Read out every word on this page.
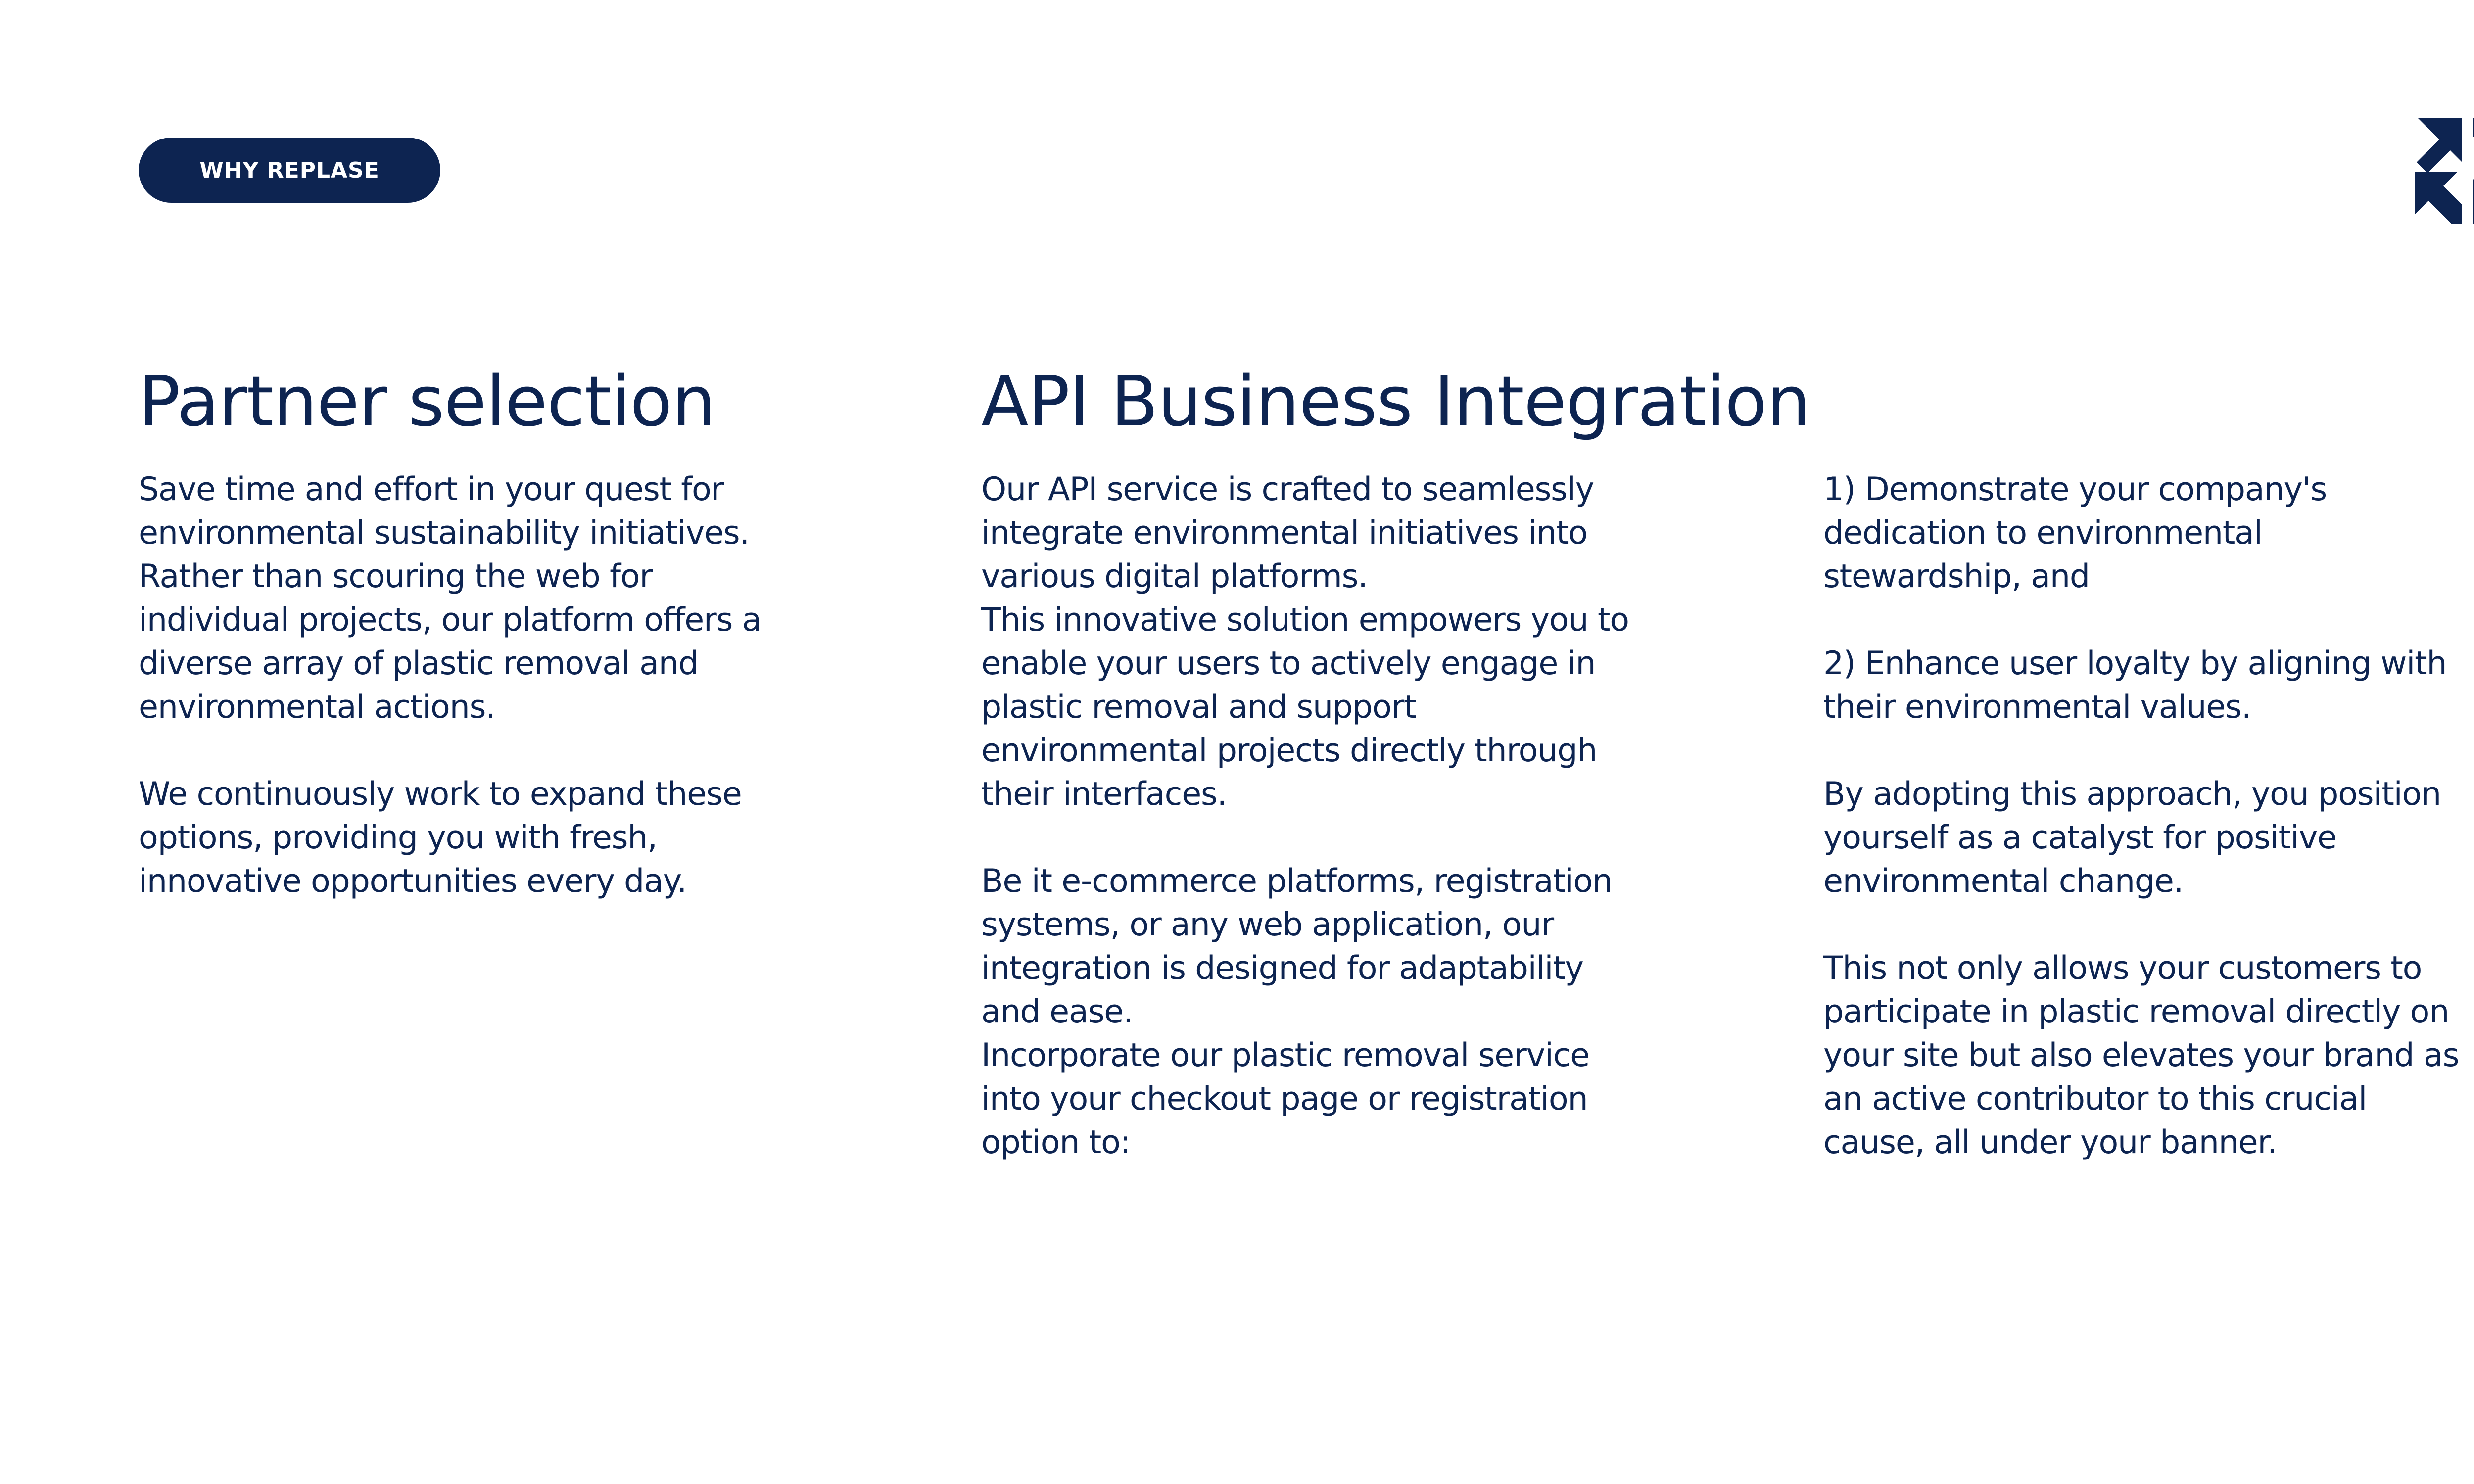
WHY REPLASE
Partner selection	API Business Integration

Save time and effort in your quest for
environmental sustainability initiatives.
Rather than scouring the web for
individual projects, our platform offers a
diverse array of plastic removal and
environmental actions.

We continuously work to expand these
options, providing you with fresh,
innovative opportunities every day.

Our API service is crafted to seamlessly
integrate environmental initiatives into
various digital platforms.
This innovative solution empowers you to
enable your users to actively engage in
plastic removal and support
environmental projects directly through
their interfaces.

Be it e-commerce platforms, registration
systems, or any web application, our
integration is designed for adaptability
and ease.
Incorporate our plastic removal service
into your checkout page or registration
option to:

1) Demonstrate your company's
dedication to environmental
stewardship, and

2) Enhance user loyalty by aligning with
their environmental values.

By adopting this approach, you position
yourself as a catalyst for positive
environmental change.

This not only allows your customers to
participate in plastic removal directly on
your site but also elevates your brand as
an active contributor to this crucial
cause, all under your banner.
